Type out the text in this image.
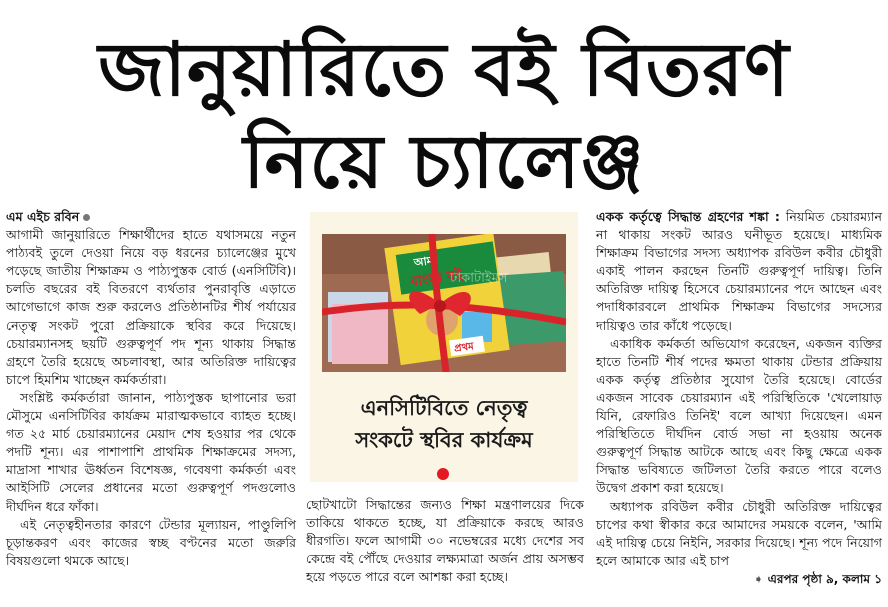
জানুয়ারিতে বই বিতরণ
নিয়ে চ্যালেঞ্জ
এম এইচ রবিন

আগামী জানুয়ারিতে শিক্ষার্থীদের হাতে যথাসময়ে নতুন পাঠ্যবই তুলে দেওয়া নিয়ে বড় ধরনের চ্যালেঞ্জের মুখে পড়েছে জাতীয় শিক্ষাক্রম ও পাঠ্যপুস্তক বোর্ড (এনসিটিবি)। চলতি বছরের বই বিতরণে ব্যর্থতার পুনরাবৃত্তি এড়াতে আগেভাগে কাজ শুরু করলেও প্রতিষ্ঠানটির শীর্ষ পর্যায়ের নেতৃত্ব সংকট পুরো প্রক্রিয়াকে স্থবির করে দিয়েছে। চেয়ারম্যানসহ ছয়টি গুরুত্বপূর্ণ পদ শূন্য থাকায় সিদ্ধান্ত গ্রহণে তৈরি হয়েছে অচলাবস্থা, আর অতিরিক্ত দায়িত্বের চাপে হিমশিম খাচ্ছেন কর্মকর্তারা।

সংশ্লিষ্ট কর্মকর্তারা জানান, পাঠ্যপুস্তক ছাপানোর ভরা মৌসুমে এনসিটিবির কার্যক্রম মারাত্মকভাবে ব্যাহত হচ্ছে। গত ২৫ মার্চ চেয়ারম্যানের মেয়াদ শেষ হওয়ার পর থেকে পদটি শূন্য। এর পাশাপাশি প্রাথমিক শিক্ষাক্রমের সদস্য, মাদ্রাসা শাখার ঊর্ধ্বতন বিশেষজ্ঞ, গবেষণা কর্মকর্তা এবং আইসিটি সেলের প্রধানের মতো গুরুত্বপূর্ণ পদগুলোও দীর্ঘদিন ধরে ফাঁকা।

এই নেতৃত্বহীনতার কারণে টেন্ডার মূল্যায়ন, পাণ্ডুলিপি চূড়ান্তকরণ এবং কাজের স্বচ্ছ বণ্টনের মতো জরুরি বিষয়গুলো থমকে আছে।

আমা
বাংলা বই
প্রথম
ঢাকাটাইমস
এনসিটিবিতে নেতৃত্ব
সংকটে স্থবির কার্যক্রম

ছোটখাটো সিদ্ধান্তের জন্যও শিক্ষা মন্ত্রণালয়ের দিকে তাকিয়ে থাকতে হচ্ছে, যা প্রক্রিয়াকে করছে আরও ধীরগতি। ফলে আগামী ৩০ নভেম্বরের মধ্যে দেশের সব কেন্দ্রে বই পৌঁছে দেওয়ার লক্ষ্যমাত্রা অর্জন প্রায় অসম্ভব হয়ে পড়তে পারে বলে আশঙ্কা করা হচ্ছে।

একক কর্তৃত্বে সিদ্ধান্ত গ্রহণের শঙ্কা : নিয়মিত চেয়ারম্যান না থাকায় সংকট আরও ঘনীভূত হয়েছে। মাধ্যমিক শিক্ষাক্রম বিভাগের সদস্য অধ্যাপক রবিউল কবীর চৌধুরী একাই পালন করছেন তিনটি গুরুত্বপূর্ণ দায়িত্ব। তিনি অতিরিক্ত দায়িত্ব হিসেবে চেয়ারম্যানের পদে আছেন এবং পদাধিকারবলে প্রাথমিক শিক্ষাক্রম বিভাগের সদস্যের দায়িত্বও তার কাঁধে পড়েছে।

একাধিক কর্মকর্তা অভিযোগ করেছেন, একজন ব্যক্তির হাতে তিনটি শীর্ষ পদের ক্ষমতা থাকায় টেন্ডার প্রক্রিয়ায় একক কর্তৃত্ব প্রতিষ্ঠার সুযোগ তৈরি হয়েছে। বোর্ডের একজন সাবেক চেয়ারম্যান এই পরিস্থিতিকে 'খেলোয়াড় যিনি, রেফারিও তিনিই' বলে আখ্যা দিয়েছেন। এমন পরিস্থিতিতে দীর্ঘদিন বোর্ড সভা না হওয়ায় অনেক গুরুত্বপূর্ণ সিদ্ধান্ত আটকে আছে এবং কিছু ক্ষেত্রে একক সিদ্ধান্ত ভবিষ্যতে জটিলতা তৈরি করতে পারে বলেও উদ্বেগ প্রকাশ করা হয়েছে।

অধ্যাপক রবিউল কবীর চৌধুরী অতিরিক্ত দায়িত্বের চাপের কথা স্বীকার করে আমাদের সময়কে বলেন, 'আমি এই দায়িত্ব চেয়ে নিইনি, সরকার দিয়েছে। শূন্য পদে নিয়োগ হলে আমাকে আর এই চাপ

➧ এরপর পৃষ্ঠা ৯, কলাম ১
